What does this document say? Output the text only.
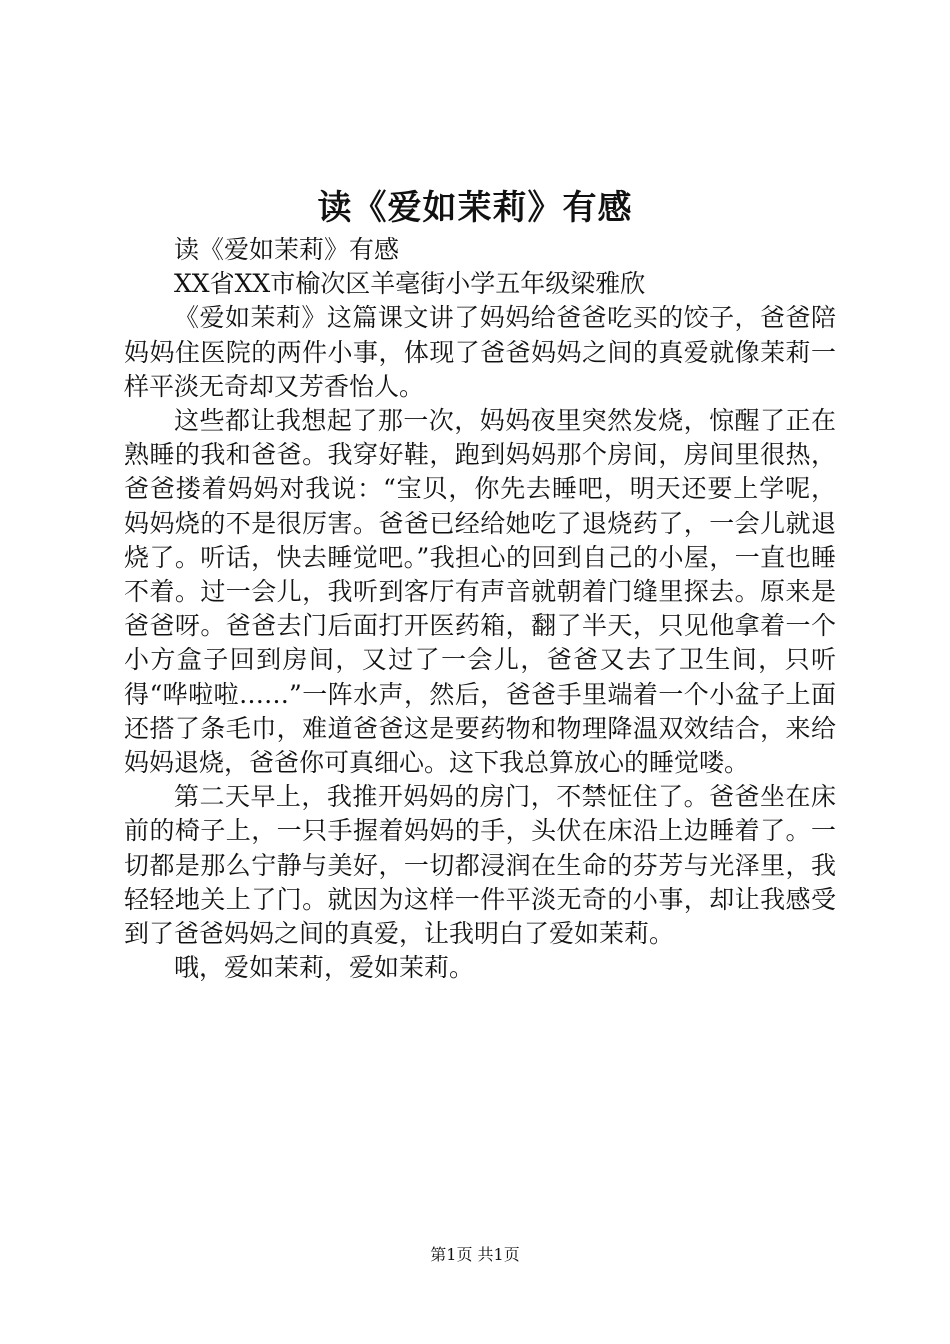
读《爱如茉莉》有感

读《爱如茉莉》有感

XX省XX市榆次区羊毫街小学五年级梁雅欣

《爱如茉莉》这篇课文讲了妈妈给爸爸吃买的饺子，爸爸陪妈妈住医院的两件小事，体现了爸爸妈妈之间的真爱就像茉莉一样平淡无奇却又芳香怡人。

这些都让我想起了那一次，妈妈夜里突然发烧，惊醒了正在熟睡的我和爸爸。我穿好鞋，跑到妈妈那个房间，房间里很热，爸爸搂着妈妈对我说：“宝贝，你先去睡吧，明天还要上学呢，妈妈烧的不是很厉害。爸爸已经给她吃了退烧药了，一会儿就退烧了。听话，快去睡觉吧。”我担心的回到自己的小屋，一直也睡不着。过一会儿，我听到客厅有声音就朝着门缝里探去。原来是爸爸呀。爸爸去门后面打开医药箱，翻了半天，只见他拿着一个小方盒子回到房间，又过了一会儿，爸爸又去了卫生间，只听得“哗啦啦……”一阵水声，然后，爸爸手里端着一个小盆子上面还搭了条毛巾，难道爸爸这是要药物和物理降温双效结合，来给妈妈退烧，爸爸你可真细心。这下我总算放心的睡觉喽。

第二天早上，我推开妈妈的房门，不禁怔住了。爸爸坐在床前的椅子上，一只手握着妈妈的手，头伏在床沿上边睡着了。一切都是那么宁静与美好，一切都浸润在生命的芬芳与光泽里，我轻轻地关上了门。就因为这样一件平淡无奇的小事，却让我感受到了爸爸妈妈之间的真爱，让我明白了爱如茉莉。

哦，爱如茉莉，爱如茉莉。

第1页 共1页
